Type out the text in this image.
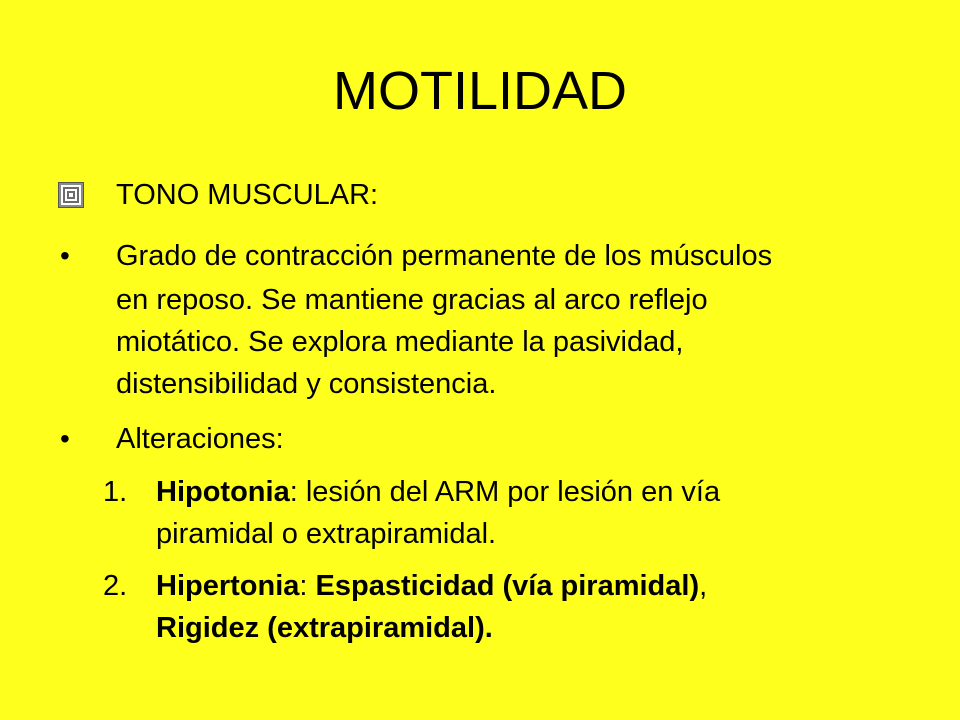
MOTILIDAD
TONO MUSCULAR:
• Grado de contracción permanente de los músculos
en reposo. Se mantiene gracias al arco reflejo
miotático. Se explora mediante la pasividad,
distensibilidad y consistencia.
• Alteraciones:
1. Hipotonia: lesión del ARM por lesión en vía
piramidal o extrapiramidal.
2. Hipertonia: Espasticidad (vía piramidal),
Rigidez (extrapiramidal).
